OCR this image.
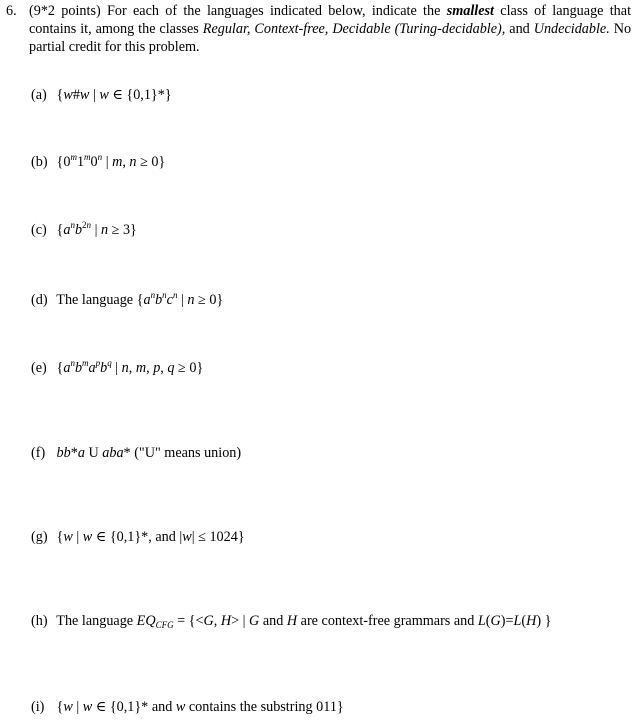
6. (9*2 points) For each of the languages indicated below, indicate the smallest class of language that contains it, among the classes Regular, Context-free, Decidable (Turing-decidable), and Undecidable. No partial credit for this problem.
(a) {w#w | w ∈ {0,1}*}
(b) {0$^m$1$^m$0$^n$ | m, n ≥ 0}
(c) {$a^nb^{2n}$ | n ≥ 3}
(d) The language {$a^nb^nc^n$ | n ≥ 0}
(e) {$a^nb^ma^pb^q$ | n, m, p, q ≥ 0}
(f) bb*a U aba* ("U" means union)
(g) {w | w ∈ {0,1}*, and |w| ≤ 1024}
(h) The language $EQ_{CFG} = \{<G$, H> | G and H are context-free grammars and L(G)=L(H) }
(i) {w | w ∈ {0,1}* and w contains the substring 011}
